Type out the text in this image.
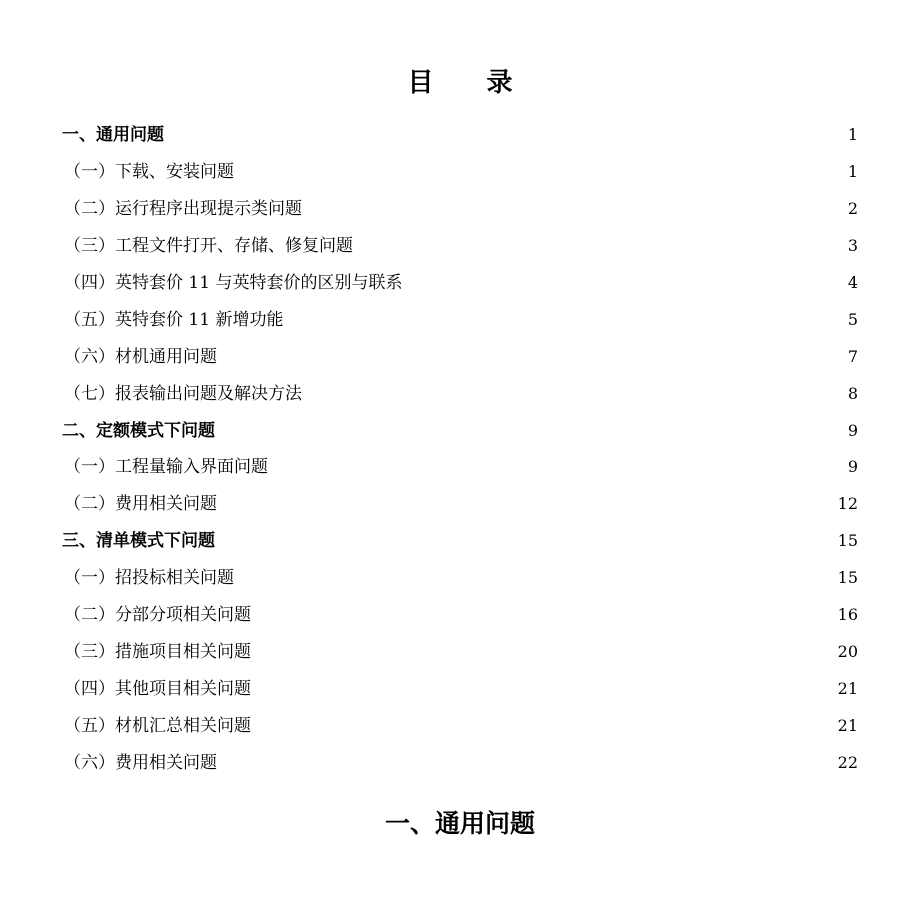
目 录
一、通用问题	1
（一）下载、安装问题	1
（二）运行程序出现提示类问题	2
（三）工程文件打开、存储、修复问题	3
（四）英特套价 11 与英特套价的区别与联系	4
（五）英特套价 11 新增功能	5
（六）材机通用问题	7
（七）报表输出问题及解决方法	8
二、定额模式下问题	9
（一）工程量输入界面问题	9
（二）费用相关问题	12
三、清单模式下问题	15
（一）招投标相关问题	15
（二）分部分项相关问题	16
（三）措施项目相关问题	20
（四）其他项目相关问题	21
（五）材机汇总相关问题	21
（六）费用相关问题	22
一、通用问题
